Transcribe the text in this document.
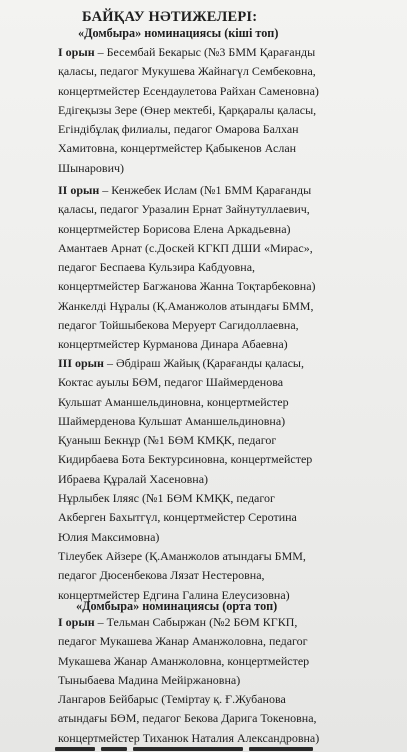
БАЙҚАУ НӘТИЖЕЛЕРІ:
«Домбыра» номинациясы (кіші топ)
I орын – Бесембай Бекарыс (№3 БММ Қарағанды
қаласы, педагог Мукушева Жайнагүл Сембековна,
концертмейстер Есендаулетова Райхан Саменовна)
Едігеқызы Зере (Өнер мектебі, Қарқаралы қаласы,
Егіндібұлақ филиалы, педагог Омарова Балхан
Хамитовна, концертмейстер Қабыкенов Аслан
Шынарович)
II орын – Кенжебек Ислам (№1 БММ Қарағанды
қаласы, педагог Уразалин Ернат Зайнутуллаевич,
концертмейстер Борисова Елена Аркадьевна)
Амантаев Арнат (с.Доскей КГКП ДШИ «Мирас»,
педагог Беспаева Кульзира Кабдуовна,
концертмейстер Багжанова Жанна Тоқтарбековна)
Жанкелді Нұралы (Қ.Аманжолов атындағы БММ,
педагог Тойшыбекова Меруерт Сагидоллаевна,
концертмейстер Курманова Динара Абаевна)
III орын – Әбдіраш Жайық (Қарағанды қаласы,
Коктас ауылы БӨМ, педагог Шаймерденова
Кульшат Аманшельдиновна, концертмейстер
Шаймерденова Кульшат Аманшельдиновна)
Қуаныш Бекнұр (№1 БӨМ КМҚК, педагог
Кидирбаева Бота Бектурсиновна, концертмейстер
Ибраева Құралай Хасеновна)
Нұрлыбек Іляяс (№1 БӨМ КМҚК, педагог
Акберген Бахытгүл, концертмейстер Серотина
Юлия Максимовна)
Тілеубек Айзере (Қ.Аманжолов атындағы БММ,
педагог Дюсенбекова Лязат Нестеровна,
концертмейстер Едгина Галина Елеусизовна)
«Домбыра» номинациясы (орта топ)
I орын – Тельман Сабыржан (№2 БӨМ КГКП,
педагог Мукашева Жанар Аманжоловна, педагог
Мукашева Жанар Аманжоловна, концертмейстер
Тыныбаева Мадина Мейіржановна)
Лангаров Бейбарыс (Теміртау қ. Ғ.Жубанова
атындағы БӨМ, педагог Бекова Дарига Токеновна,
концертмейстер Тиханюк Наталия Александровна)
